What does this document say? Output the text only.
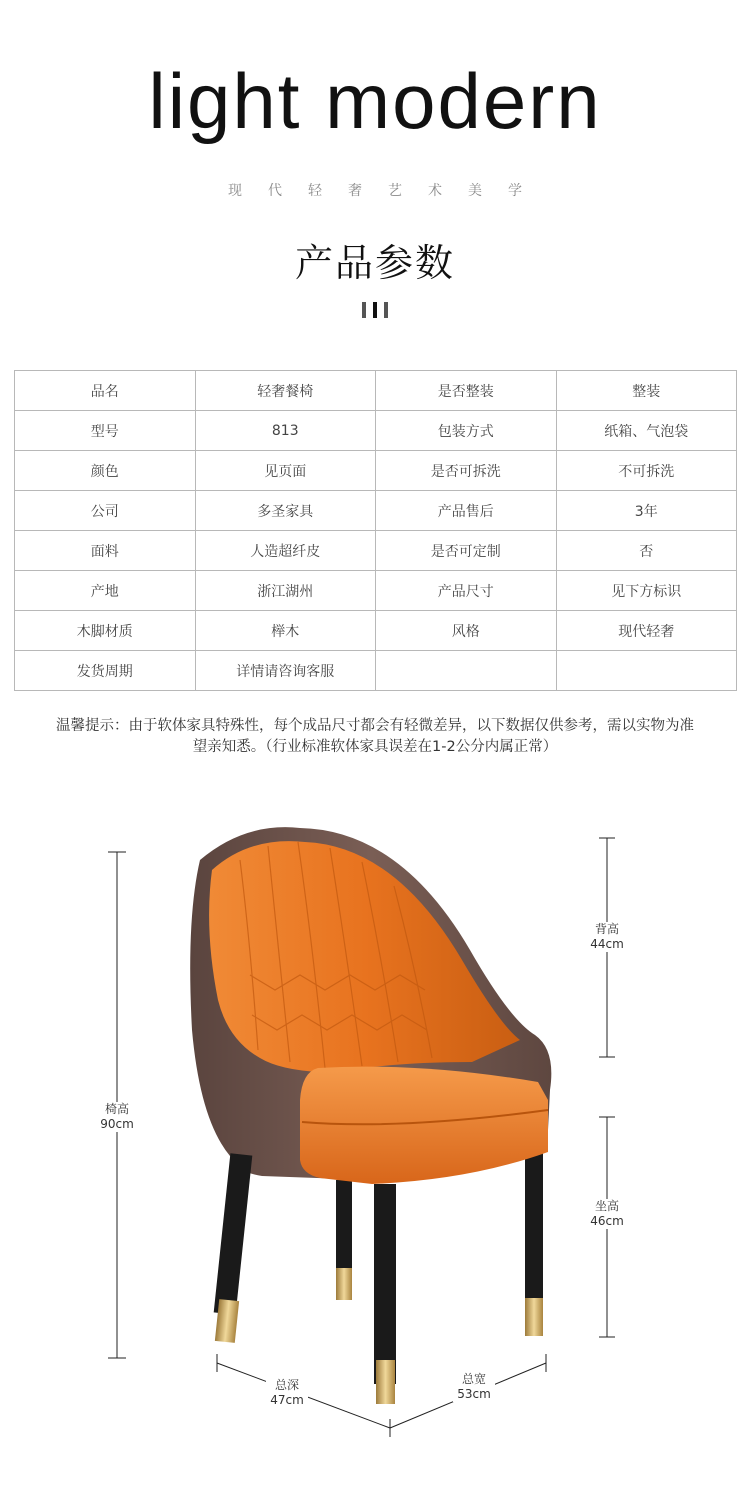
light modern
现代轻奢艺术美学
产品参数
品名	轻奢餐椅	是否整装	整装
型号	813	包装方式	纸箱、气泡袋
颜色	见页面	是否可拆洗	不可拆洗
公司	多圣家具	产品售后	3年
面料	人造超纤皮	是否可定制	否
产地	浙江湖州	产品尺寸	见下方标识
木脚材质	榉木	风格	现代轻奢
发货周期	详情请咨询客服		
温馨提示：由于软体家具特殊性，每个成品尺寸都会有轻微差异，以下数据仅供参考，需以实物为准
望亲知悉。（行业标准软体家具误差在1-2公分内属正常）
椅高
90cm
背高
44cm
坐高
46cm
总深
47cm
总宽
53cm
